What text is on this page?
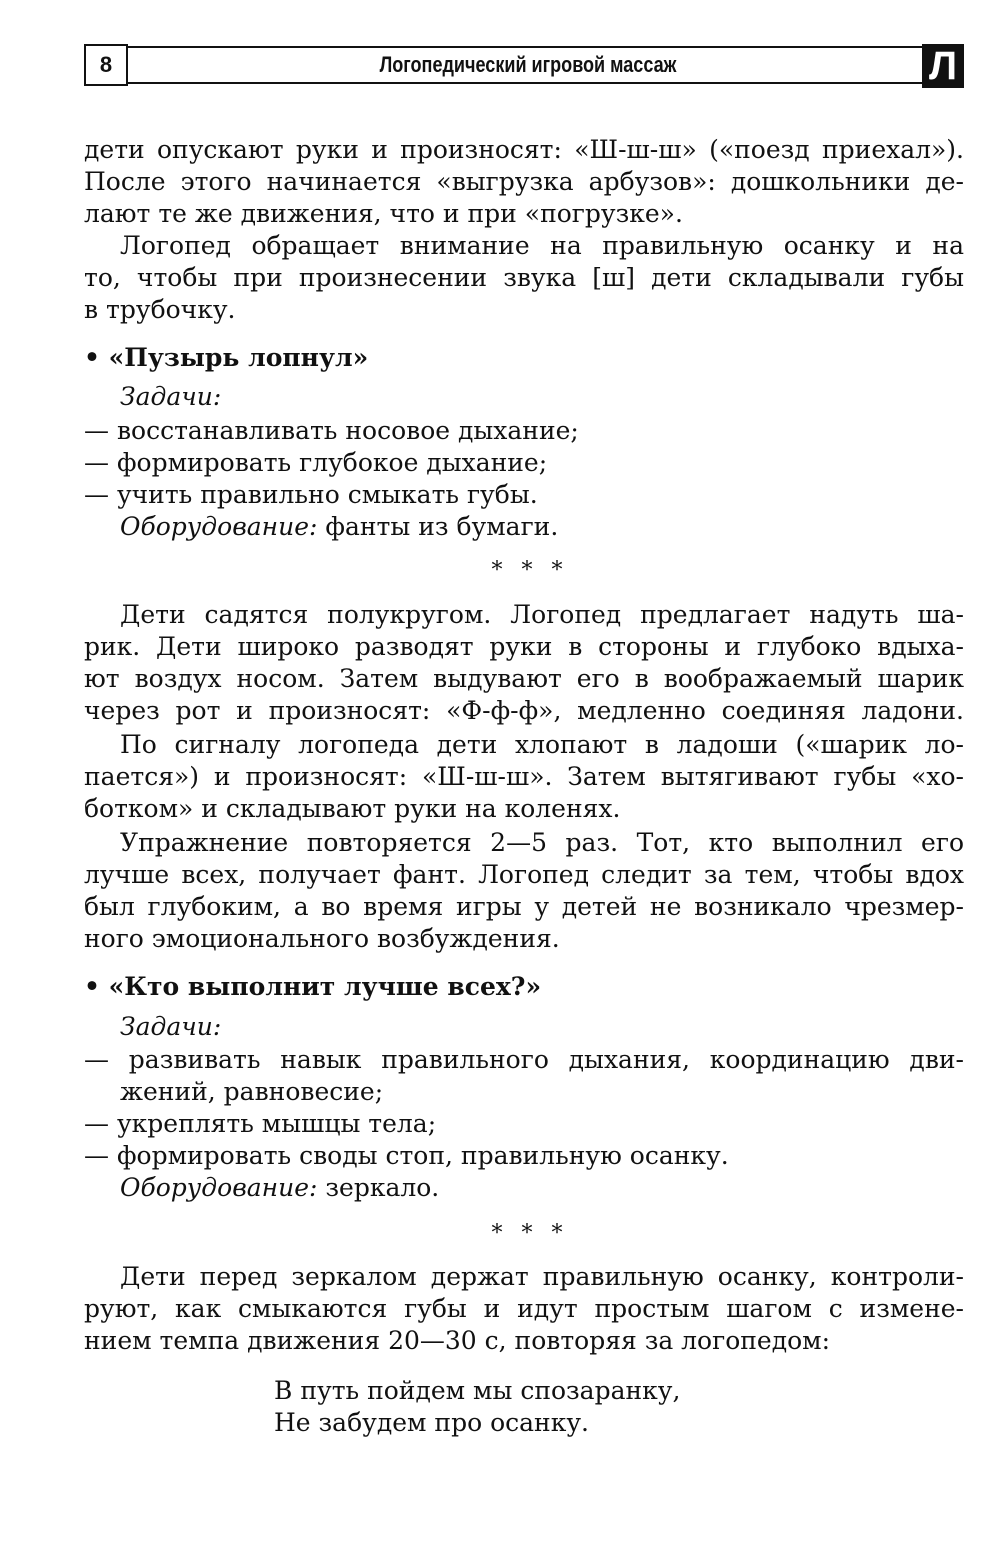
8	Логопедический игровой массаж	Л
дети опускают руки и произносят: «Ш-ш-ш» («поезд приехал»).
После этого начинается «выгрузка арбузов»: дошкольники де-
лают те же движения, что и при «погрузке».
Логопед обращает внимание на правильную осанку и на
то, чтобы при произнесении звука [ш] дети складывали губы
в трубочку.
• «Пузырь лопнул»
Задачи:
— восстанавливать носовое дыхание;
— формировать глубокое дыхание;
— учить правильно смыкать губы.
Оборудование: фанты из бумаги.
* * *
Дети садятся полукругом. Логопед предлагает надуть ша-
рик. Дети широко разводят руки в стороны и глубоко вдыха-
ют воздух носом. Затем выдувают его в воображаемый шарик
через рот и произносят: «Ф-ф-ф», медленно соединяя ладони.
По сигналу логопеда дети хлопают в ладоши («шарик ло-
пается») и произносят: «Ш-ш-ш». Затем вытягивают губы «хо-
ботком» и складывают руки на коленях.
Упражнение повторяется 2—5 раз. Тот, кто выполнил его
лучше всех, получает фант. Логопед следит за тем, чтобы вдох
был глубоким, а во время игры у детей не возникало чрезмер-
ного эмоционального возбуждения.
• «Кто выполнит лучше всех?»
Задачи:
— развивать навык правильного дыхания, координацию дви-
жений, равновесие;
— укреплять мышцы тела;
— формировать своды стоп, правильную осанку.
Оборудование: зеркало.
* * *
Дети перед зеркалом держат правильную осанку, контроли-
руют, как смыкаются губы и идут простым шагом с измене-
нием темпа движения 20—30 с, повторяя за логопедом:
В путь пойдем мы спозаранку,
Не забудем про осанку.
